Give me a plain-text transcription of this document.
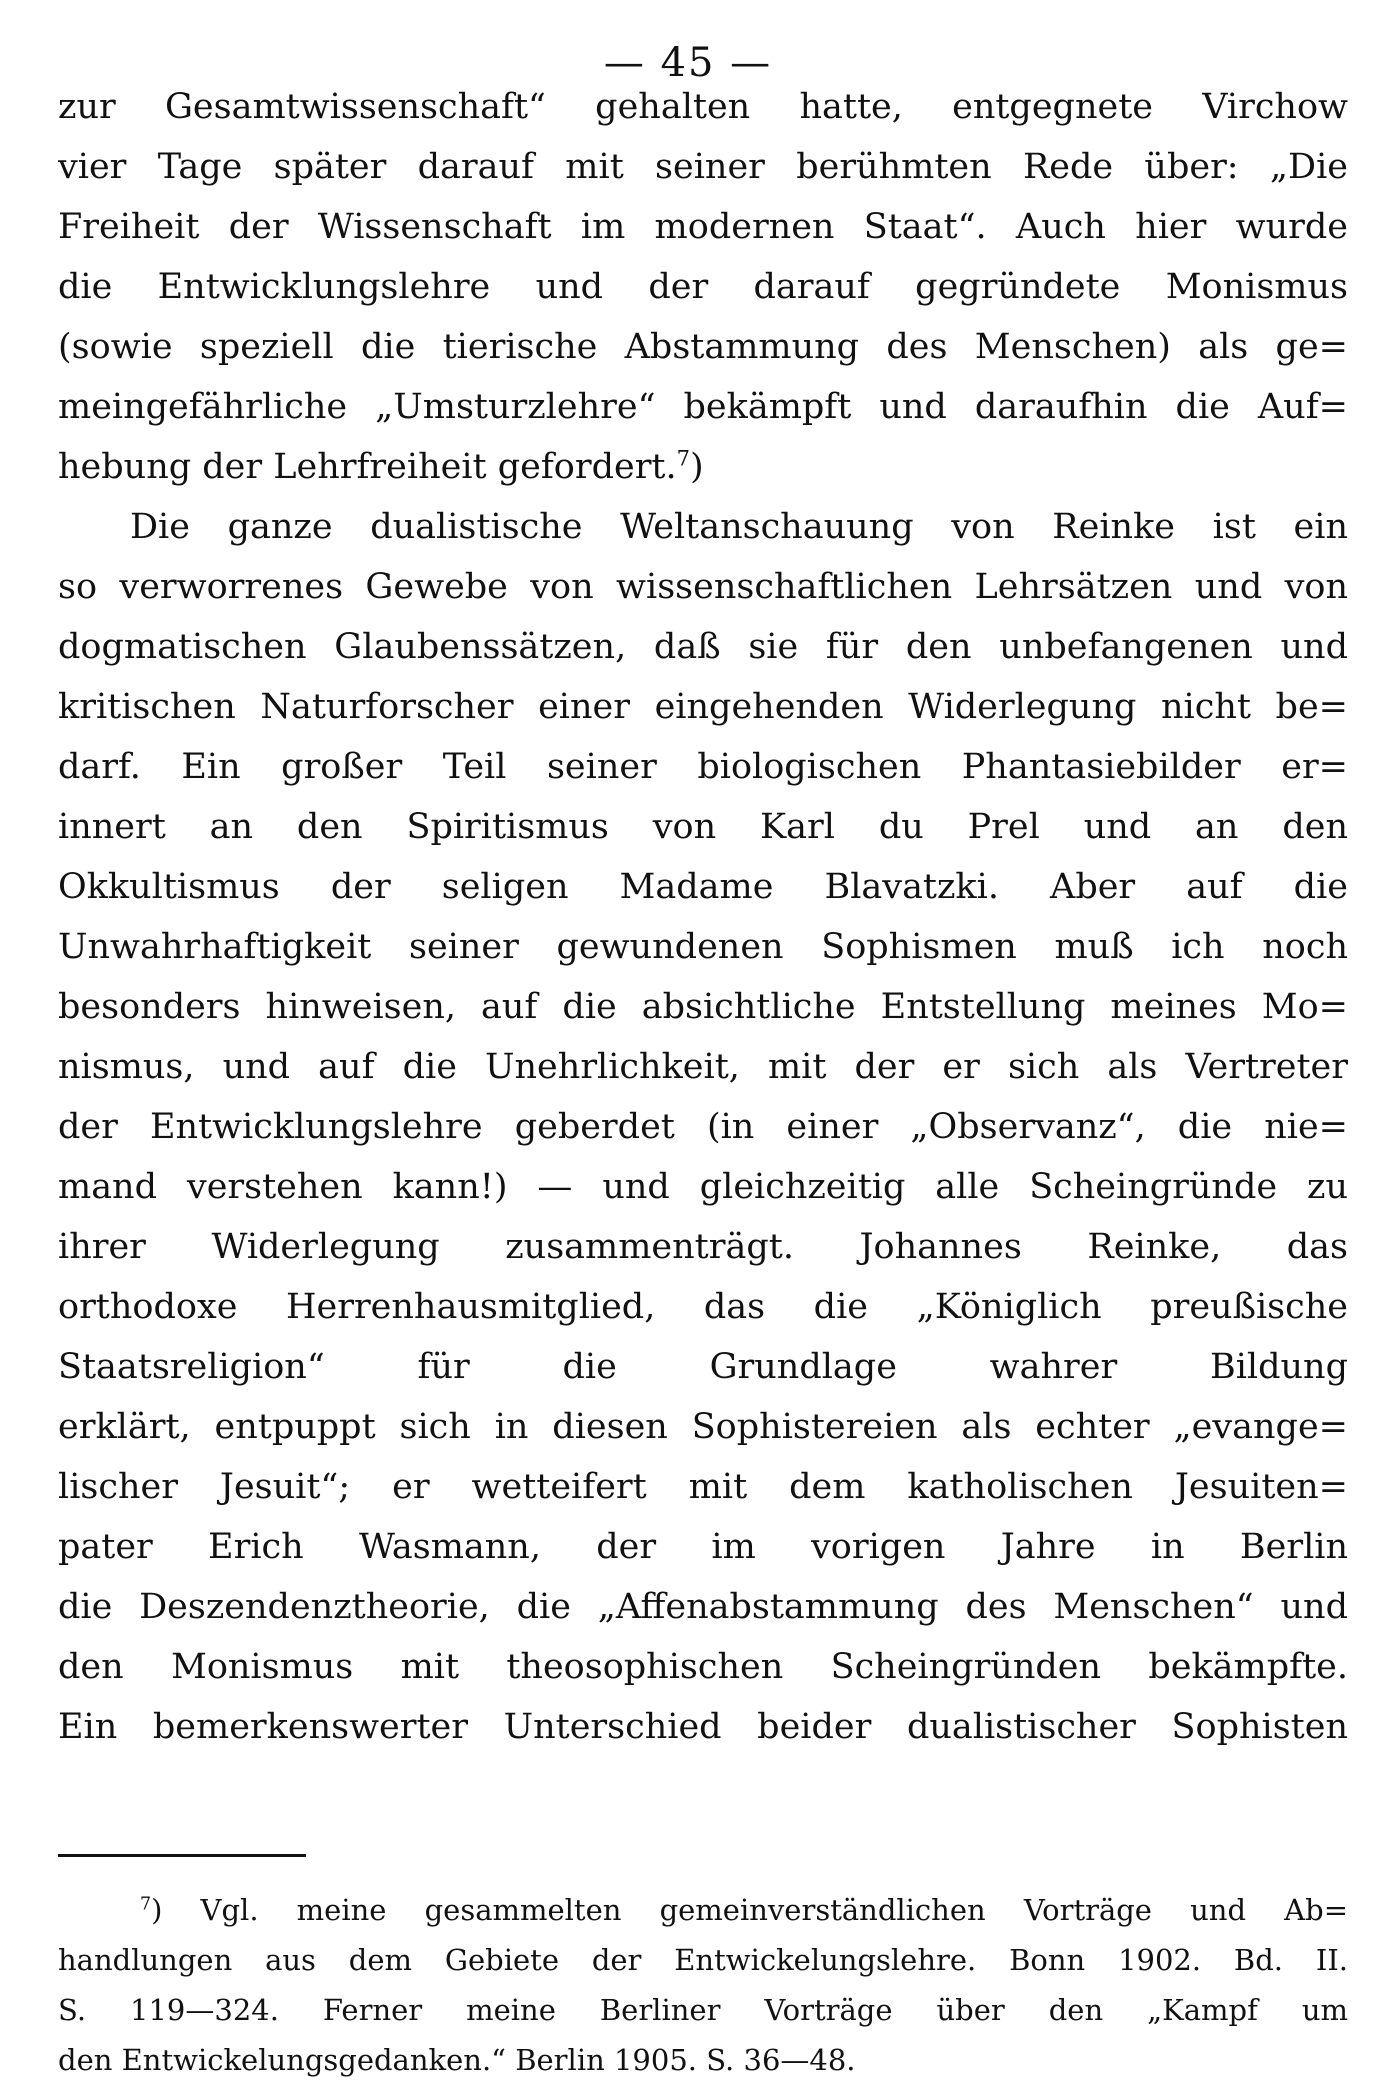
— 45 —
zur Gesamtwissenschaft“ gehalten hatte, entgegnete Virchow
vier Tage später darauf mit seiner berühmten Rede über: „Die
Freiheit der Wissenschaft im modernen Staat“. Auch hier wurde
die Entwicklungslehre und der darauf gegründete Monismus
(sowie speziell die tierische Abstammung des Menschen) als ge=
meingefährliche „Umsturzlehre“ bekämpft und daraufhin die Auf=
hebung der Lehrfreiheit gefordert.$^7$)
Die ganze dualistische Weltanschauung von Reinke ist ein
so verworrenes Gewebe von wissenschaftlichen Lehrsätzen und von
dogmatischen Glaubenssätzen, daß sie für den unbefangenen und
kritischen Naturforscher einer eingehenden Widerlegung nicht be=
darf. Ein großer Teil seiner biologischen Phantasiebilder er=
innert an den Spiritismus von Karl du Prel und an den
Okkultismus der seligen Madame Blavatzki. Aber auf die
Unwahrhaftigkeit seiner gewundenen Sophismen muß ich noch
besonders hinweisen, auf die absichtliche Entstellung meines Mo=
nismus, und auf die Unehrlichkeit, mit der er sich als Vertreter
der Entwicklungslehre geberdet (in einer „Observanz“, die nie=
mand verstehen kann!) — und gleichzeitig alle Scheingründe zu
ihrer Widerlegung zusammenträgt. Johannes Reinke, das
orthodoxe Herrenhausmitglied, das die „Königlich preußische
Staatsreligion“ für die Grundlage wahrer Bildung
erklärt, entpuppt sich in diesen Sophistereien als echter „evange=
lischer Jesuit“; er wetteifert mit dem katholischen Jesuiten=
pater Erich Wasmann, der im vorigen Jahre in Berlin
die Deszendenztheorie, die „Affenabstammung des Menschen“ und
den Monismus mit theosophischen Scheingründen bekämpfte.
Ein bemerkenswerter Unterschied beider dualistischer Sophisten
$^7$) Vgl. meine gesammelten gemeinverständlichen Vorträge und Ab=
handlungen aus dem Gebiete der Entwickelungslehre. Bonn 1902. Bd. II.
S. 119—324. Ferner meine Berliner Vorträge über den „Kampf um
den Entwickelungsgedanken.“ Berlin 1905. S. 36—48.
